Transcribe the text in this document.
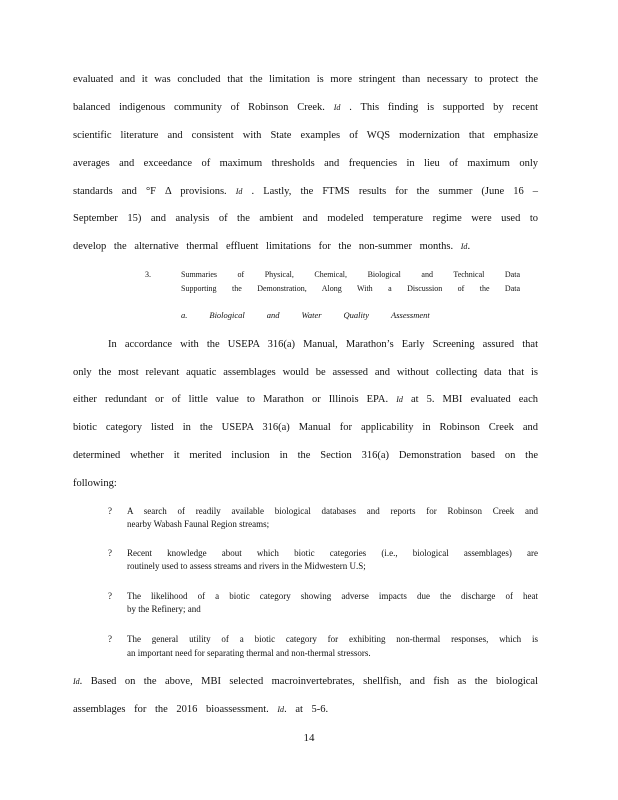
evaluated and it was concluded that the limitation is more stringent than necessary to protect the
balanced indigenous community of Robinson Creek. Id . This finding is supported by recent
scientific literature and consistent with State examples of WQS modernization that emphasize
averages and exceedance of maximum thresholds and frequencies in lieu of maximum only
standards and °F Δ provisions. Id . Lastly, the FTMS results for the summer (June 16 –
September 15) and analysis of the ambient and modeled temperature regime were used to
develop the alternative thermal effluent limitations for the non-summer months. Id.
3.	Summaries	of Physical,	Chemical,	Biological	and	Technical	Data
Supporting the Demonstration, Along With a Discussion of the Data
a.	Biological	and	Water	Quality	Assessment
In accordance with the USEPA 316(a) Manual, Marathon’s Early Screening assured that
only the most relevant aquatic assemblages would be assessed and without collecting data that is
either redundant or of little value to Marathon or Illinois EPA. Id at 5. MBI evaluated each
biotic category listed in the USEPA 316(a) Manual for applicability in Robinson Creek and
determined whether it merited inclusion in the Section 316(a) Demonstration based on the
following:
? A search of readily available biological databases and reports for Robinson Creek and
nearby Wabash Faunal Region streams;
? Recent knowledge about which biotic categories (i.e., biological assemblages) are
routinely used to assess streams and rivers in the Midwestern U.S;
? The likelihood of a biotic category showing adverse impacts due the discharge of heat
by the Refinery; and
? The general utility of a biotic category for exhibiting non-thermal responses, which is
an important need for separating thermal and non-thermal stressors.
Id. Based on the above, MBI selected macroinvertebrates, shellfish, and fish as the biological
assemblages for the 2016 bioassessment. Id. at 5-6.
14
